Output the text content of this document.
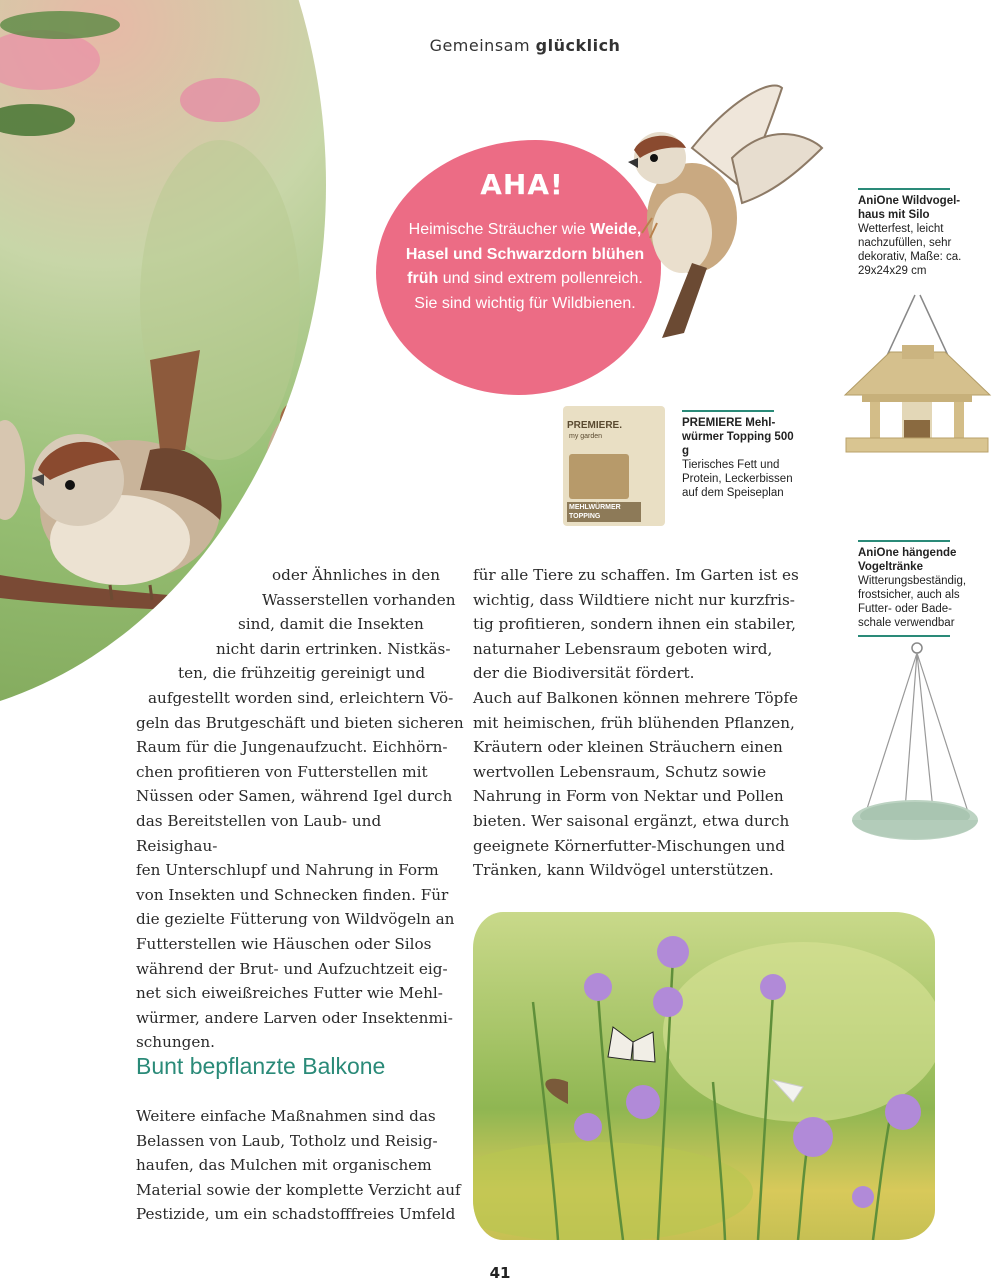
Gemeinsam glücklich
AHA!
Heimische Sträucher wie Weide, Hasel und Schwarzdorn blühen früh und sind extrem pollenreich. Sie sind wichtig für Wildbienen.
AniOne Wildvogel-haus mit Silo
Wetterfest, leicht nachzufüllen, sehr dekorativ, Maße: ca. 29x24x29 cm
PREMIERE.
my garden
MEHLWÜRMER TOPPING
PREMIERE Mehl-würmer Topping 500 g
Tierisches Fett und Protein, Leckerbissen auf dem Speiseplan
AniOne hängende Vogeltränke
Witterungsbeständig, frostsicher, auch als Futter- oder Bade-schale verwendbar
oder Ähnliches in den
Wasserstellen vorhanden
sind, damit die Insekten
nicht darin ertrinken. Nistkäs-
ten, die frühzeitig gereinigt und
aufgestellt worden sind, erleichtern Vö-
geln das Brutgeschäft und bieten sicheren
Raum für die Jungenaufzucht. Eichhörn-
chen profitieren von Futterstellen mit
Nüssen oder Samen, während Igel durch
das Bereitstellen von Laub- und Reisighau-
fen Unterschlupf und Nahrung in Form
von Insekten und Schnecken finden. Für
die gezielte Fütterung von Wildvögeln an
Futterstellen wie Häuschen oder Silos
während der Brut- und Aufzuchtzeit eig-
net sich eiweißreiches Futter wie Mehl-
würmer, andere Larven oder Insektenmi-
schungen.
Bunt bepflanzte Balkone
Weitere einfache Maßnahmen sind das
Belassen von Laub, Totholz und Reisig-
haufen, das Mulchen mit organischem
Material sowie der komplette Verzicht auf
Pestizide, um ein schadstofffreies Umfeld
für alle Tiere zu schaffen. Im Garten ist es
wichtig, dass Wildtiere nicht nur kurzfris-
tig profitieren, sondern ihnen ein stabiler,
naturnaher Lebensraum geboten wird,
der die Biodiversität fördert.
Auch auf Balkonen können mehrere Töpfe
mit heimischen, früh blühenden Pflanzen,
Kräutern oder kleinen Sträuchern einen
wertvollen Lebensraum, Schutz sowie
Nahrung in Form von Nektar und Pollen
bieten. Wer saisonal ergänzt, etwa durch
geeignete Körnerfutter-Mischungen und
Tränken, kann Wildvögel unterstützen.
41
